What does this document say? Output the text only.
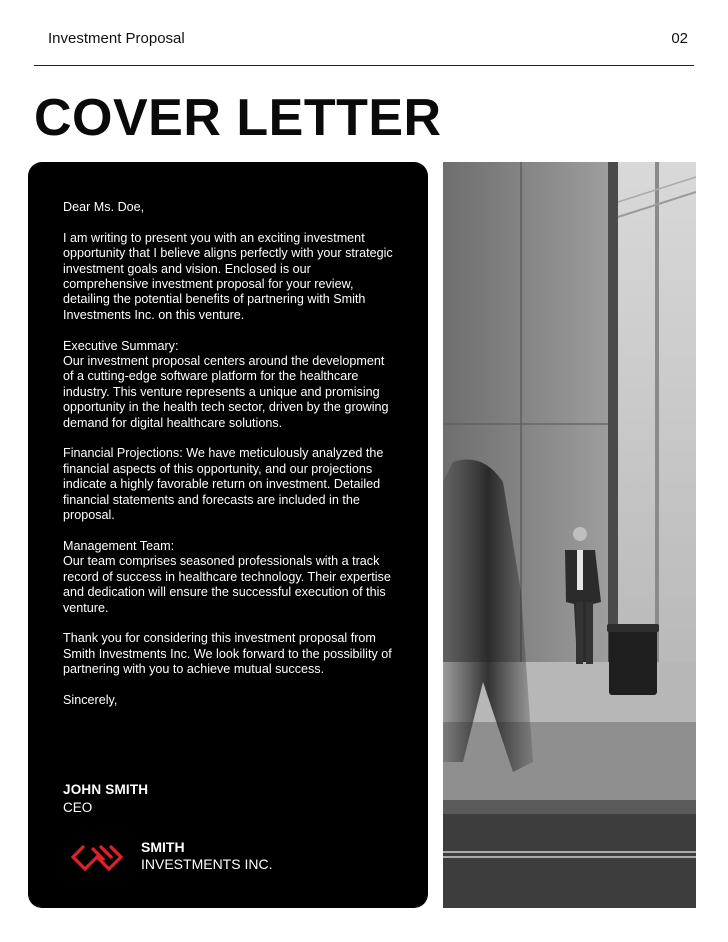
Investment Proposal	02
COVER LETTER

Dear Ms. Doe,

I am writing to present you with an exciting investment opportunity that I believe aligns perfectly with your strategic investment goals and vision. Enclosed is our comprehensive investment proposal for your review, detailing the potential benefits of partnering with Smith Investments Inc. on this venture.

Executive Summary:

Our investment proposal centers around the development of a cutting-edge software platform for the healthcare industry. This venture represents a unique and promising opportunity in the health tech sector, driven by the growing demand for digital healthcare solutions.

Financial Projections: We have meticulously analyzed the financial aspects of this opportunity, and our projections indicate a highly favorable return on investment. Detailed financial statements and forecasts are included in the proposal.

Management Team:

Our team comprises seasoned professionals with a track record of success in healthcare technology. Their expertise and dedication will ensure the successful execution of this venture.

Thank you for considering this investment proposal from Smith Investments Inc. We look forward to the possibility of partnering with you to achieve mutual success.

Sincerely,

JOHN SMITH
CEO
SMITH
INVESTMENTS INC.
